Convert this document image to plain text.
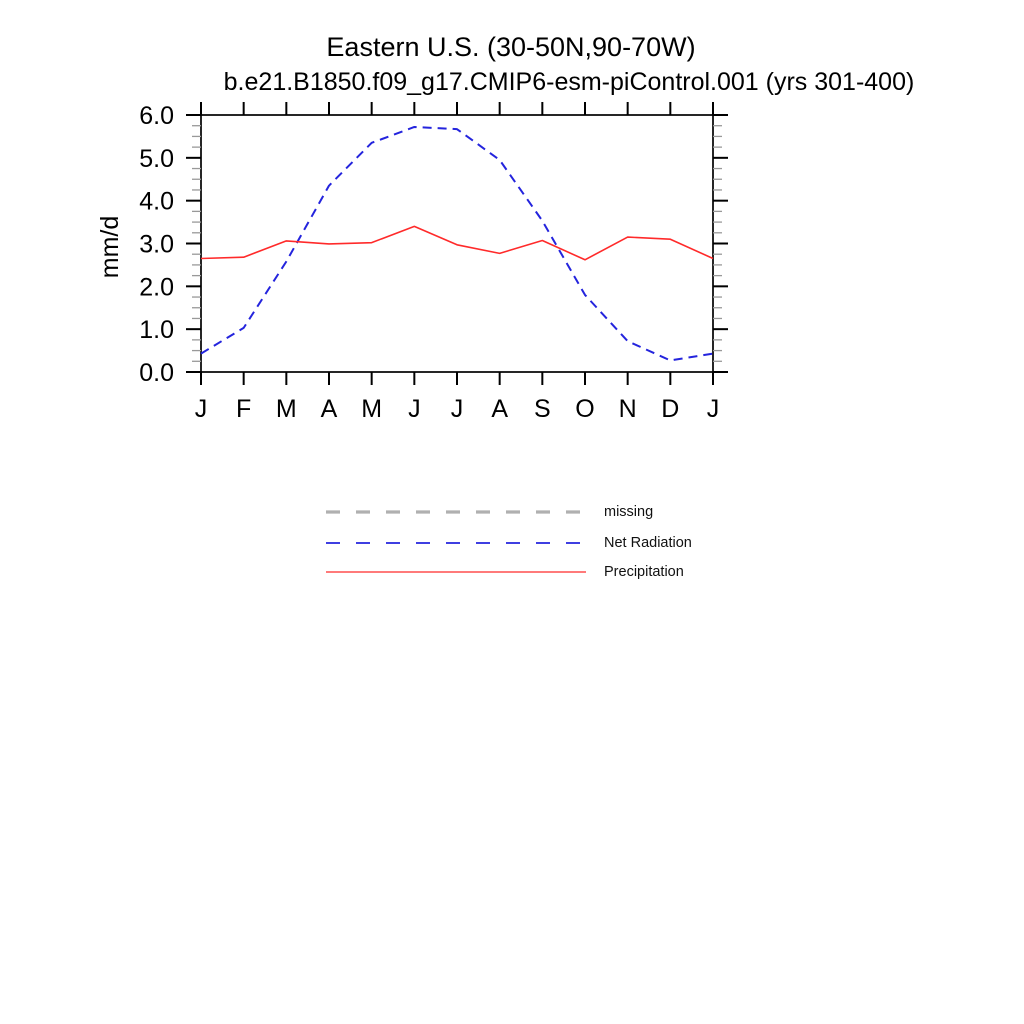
Eastern U.S. (30-50N,90-70W)
b.e21.B1850.f09_g17.CMIP6-esm-piControl.001 (yrs 301-400)
mm/d
J F M A M J J A S O N D J
0.0
1.0
2.0
3.0
4.0
5.0
6.0
missing
Net Radiation
Precipitation
